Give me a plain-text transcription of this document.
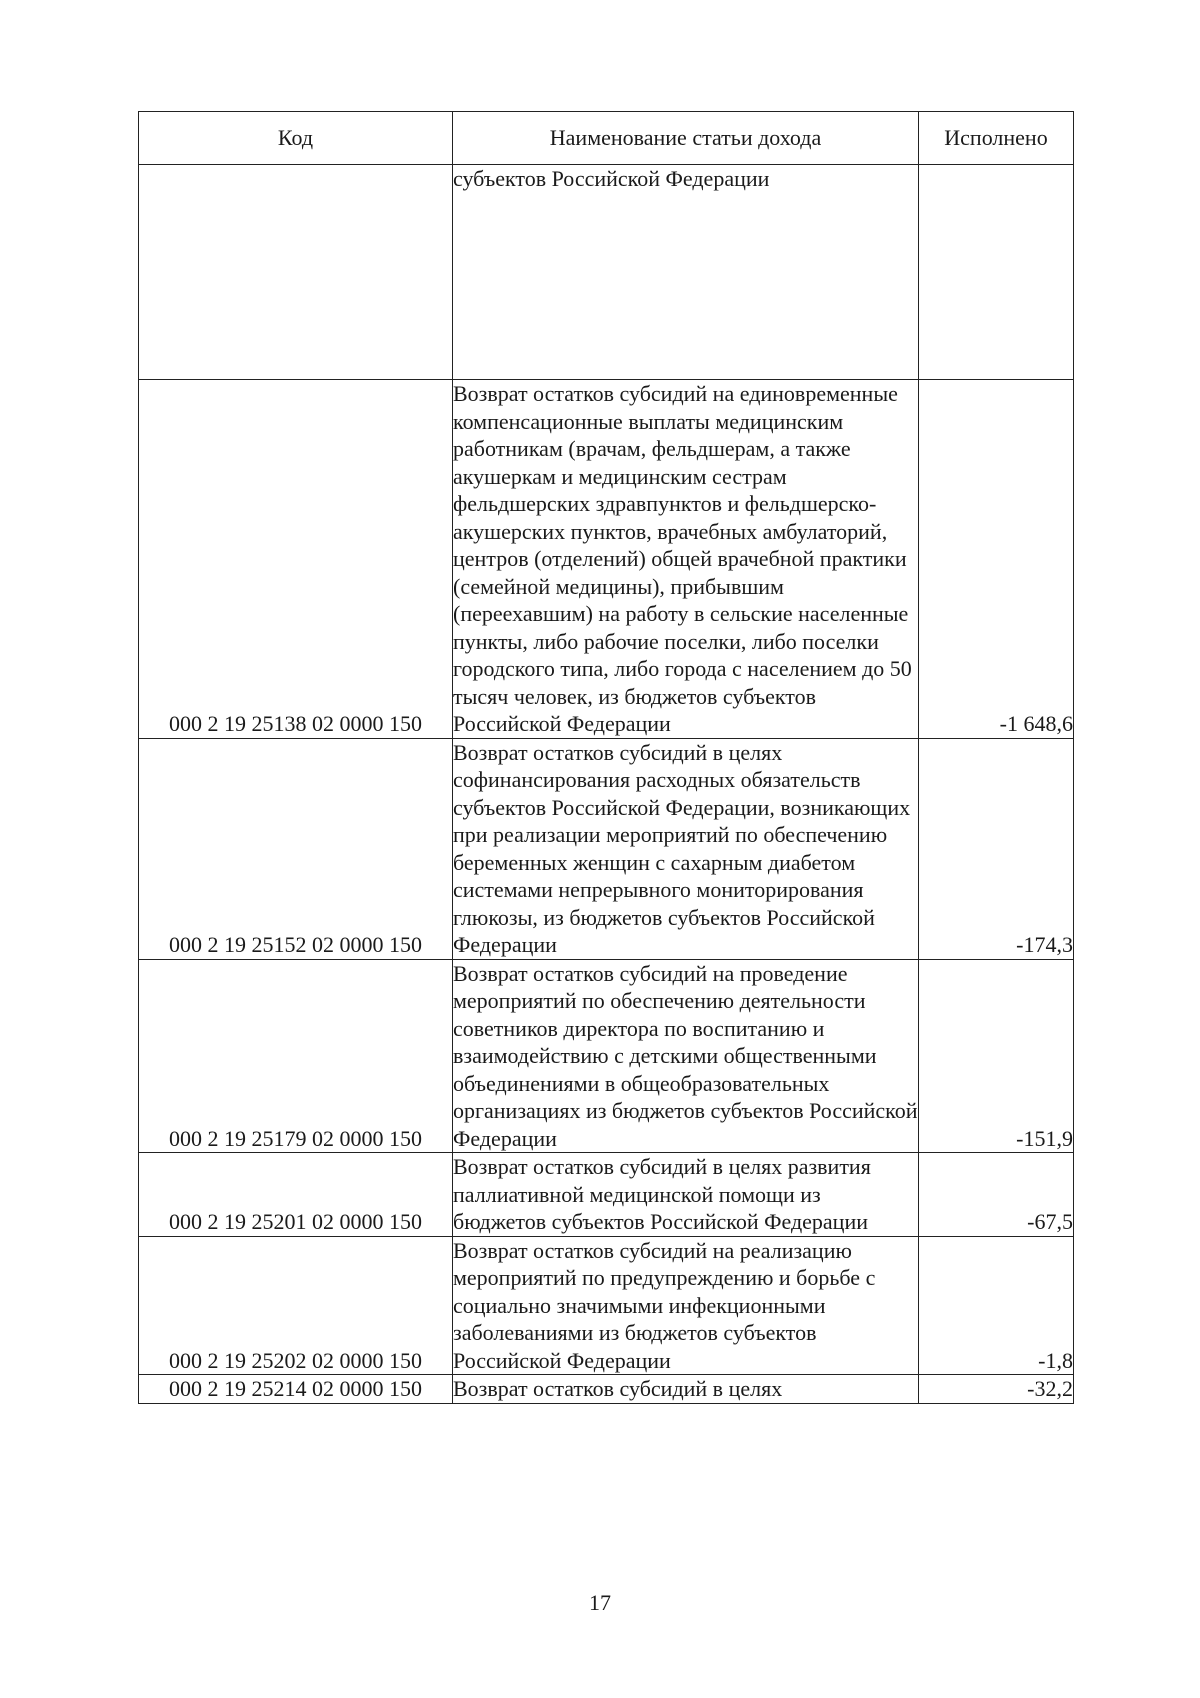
Код	Наименование статьи дохода	Исполнено
	субъектов Российской Федерации	
000 2 19 25138 02 0000 150	Возврат остатков субсидий на единовременные компенсационные выплаты медицинским работникам (врачам, фельдшерам, а также акушеркам и медицинским сестрам фельдшерских здравпунктов и фельдшерско-акушерских пунктов, врачебных амбулаторий, центров (отделений) общей врачебной практики (семейной медицины), прибывшим (переехавшим) на работу в сельские населенные пункты, либо рабочие поселки, либо поселки городского типа, либо города с населением до 50 тысяч человек, из бюджетов субъектов Российской Федерации	-1 648,6
000 2 19 25152 02 0000 150	Возврат остатков субсидий в целях софинансирования расходных обязательств субъектов Российской Федерации, возникающих при реализации мероприятий по обеспечению беременных женщин с сахарным диабетом системами непрерывного мониторирования глюкозы, из бюджетов субъектов Российской Федерации	-174,3
000 2 19 25179 02 0000 150	Возврат остатков субсидий на проведение мероприятий по обеспечению деятельности советников директора по воспитанию и взаимодействию с детскими общественными объединениями в общеобразовательных организациях из бюджетов субъектов Российской Федерации	-151,9
000 2 19 25201 02 0000 150	Возврат остатков субсидий в целях развития паллиативной медицинской помощи из бюджетов субъектов Российской Федерации	-67,5
000 2 19 25202 02 0000 150	Возврат остатков субсидий на реализацию мероприятий по предупреждению и борьбе с социально значимыми инфекционными заболеваниями из бюджетов субъектов Российской Федерации	-1,8
000 2 19 25214 02 0000 150	Возврат остатков субсидий в целях	-32,2
17
